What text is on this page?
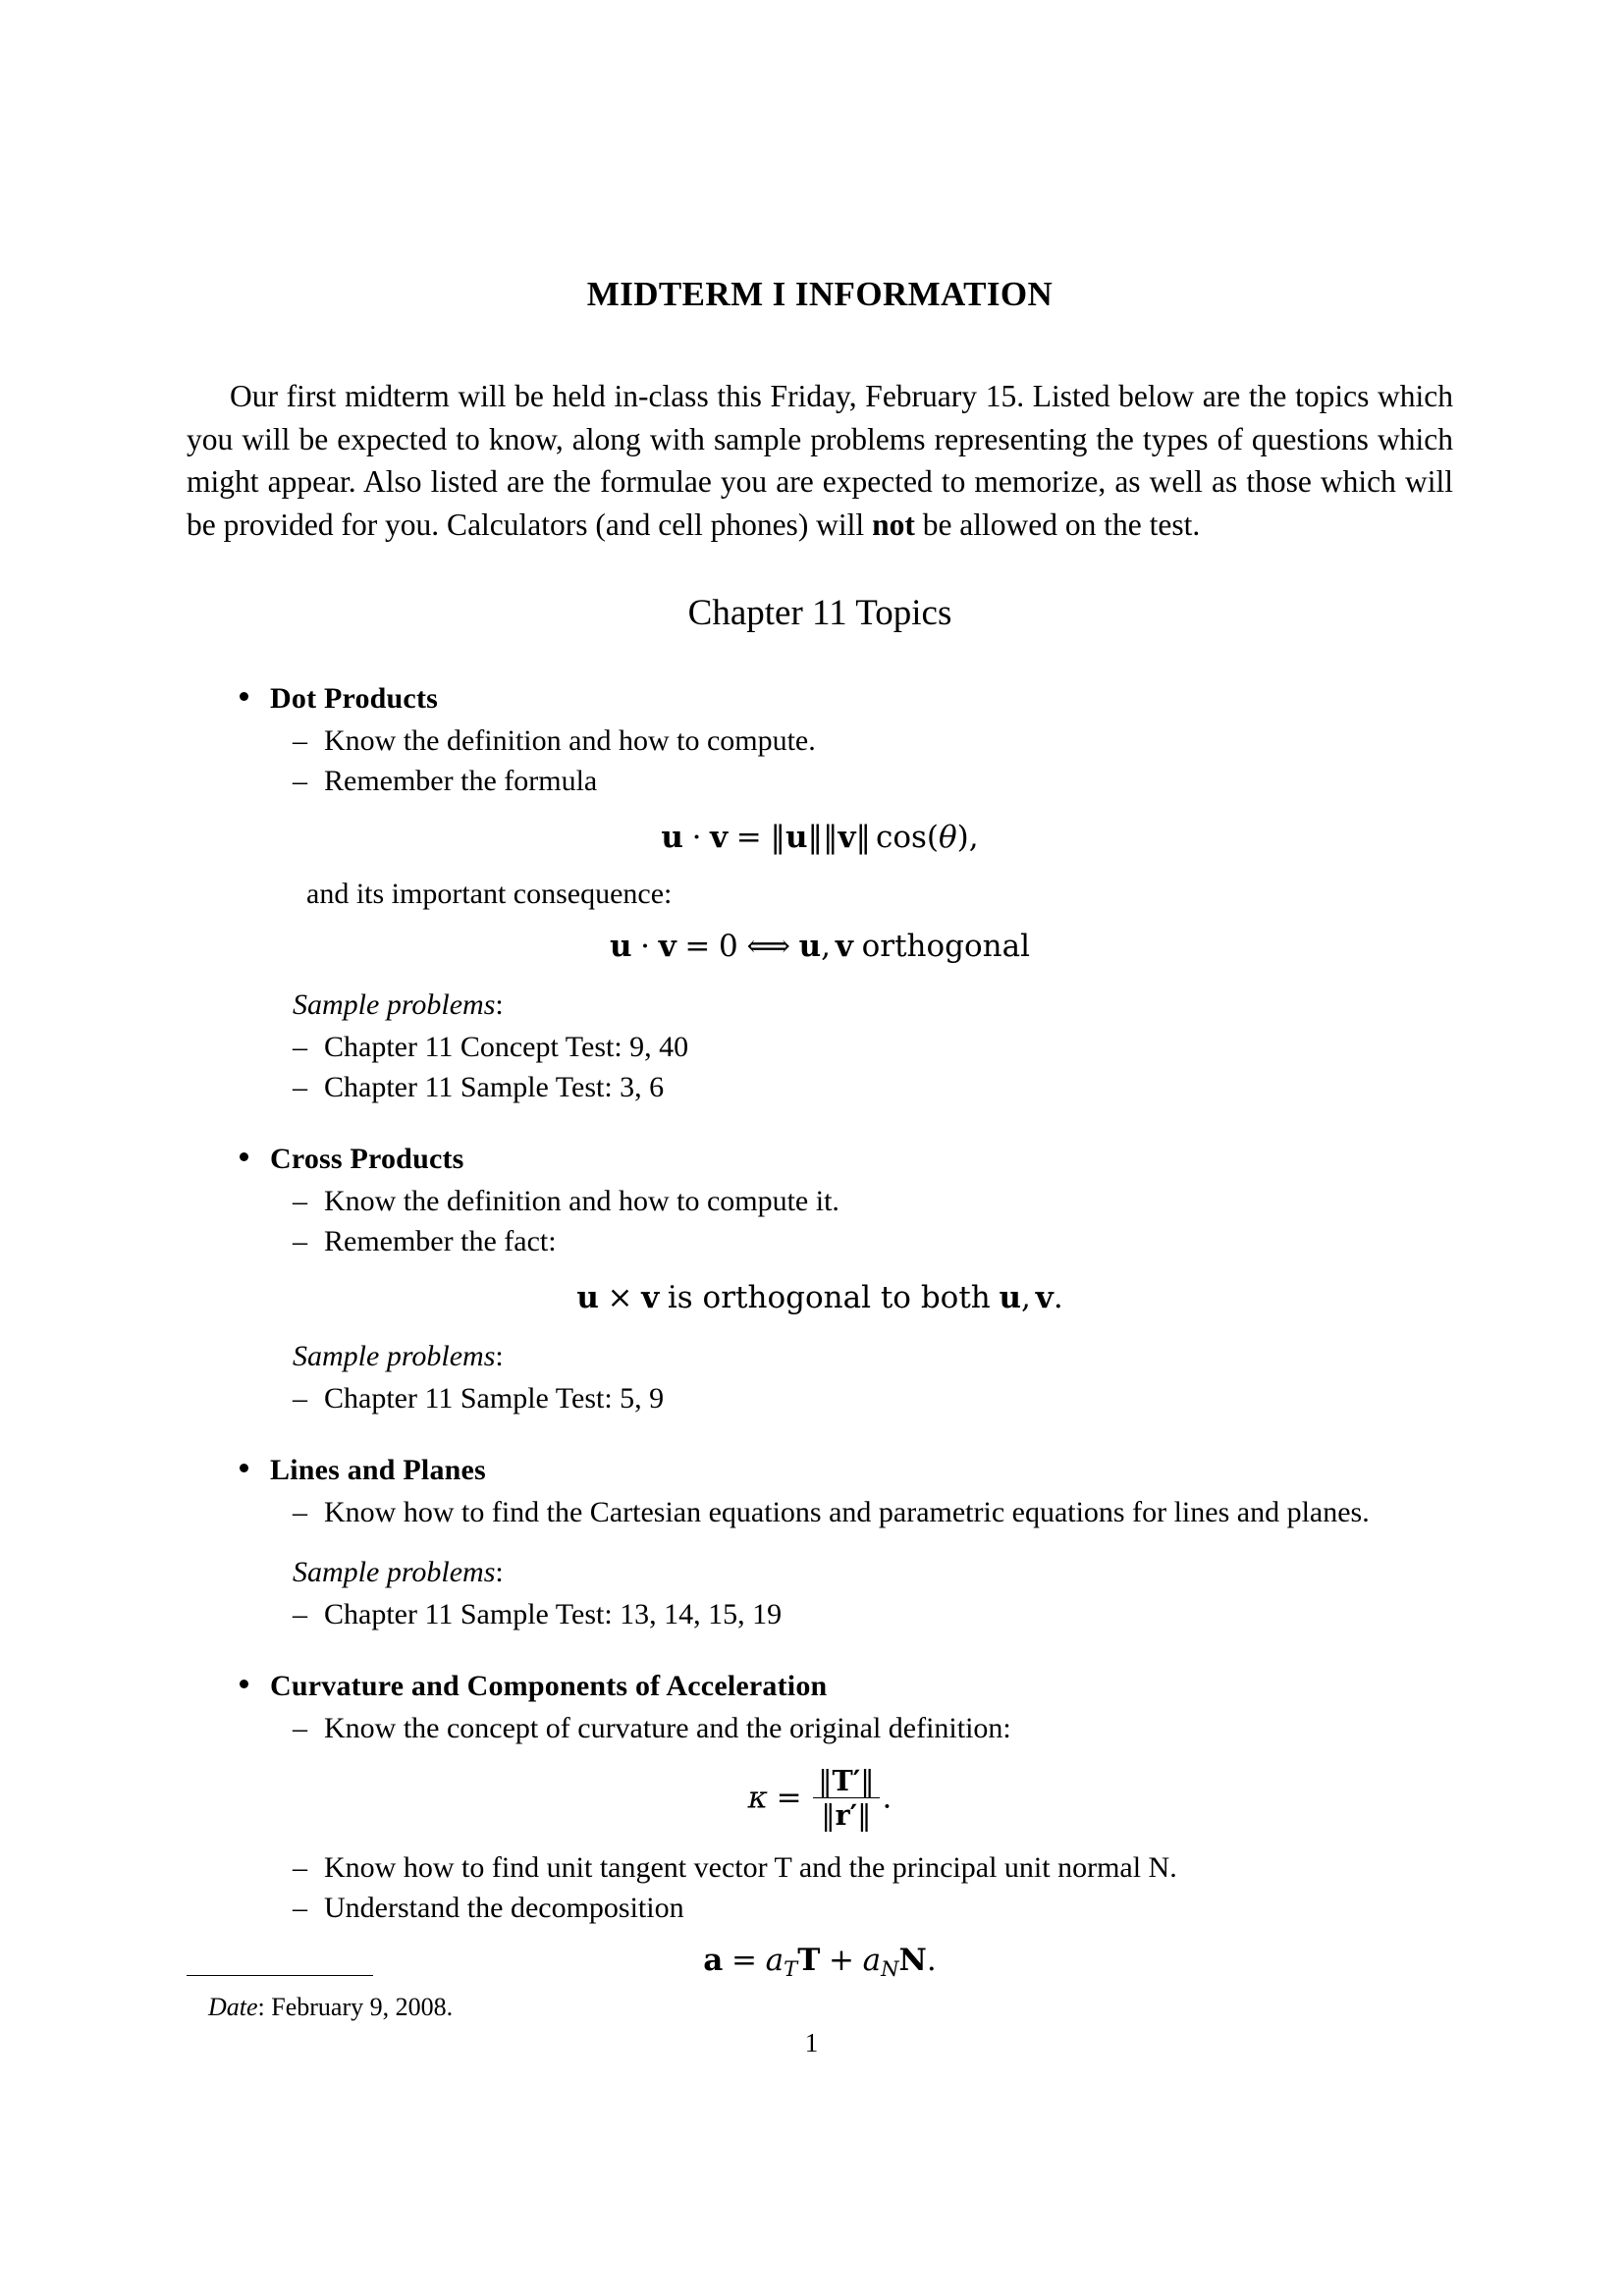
MIDTERM I INFORMATION

Our first midterm will be held in-class this Friday, February 15. Listed below are the topics which you will be expected to know, along with sample problems representing the types of questions which might appear. Also listed are the formulae you are expected to memorize, as well as those which will be provided for you. Calculators (and cell phones) will not be allowed on the test.

Chapter 11 Topics
Dot Products
– Know the definition and how to compute.
– Remember the formula
u · v = ‖u‖‖v‖ cos(θ),
and its important consequence:
u · v = 0 ⟺ u, v orthogonal
Sample problems:
– Chapter 11 Concept Test: 9, 40
– Chapter 11 Sample Test: 3, 6
Cross Products
– Know the definition and how to compute it.
– Remember the fact:
u × v is orthogonal to both u, v.
Sample problems:
– Chapter 11 Sample Test: 5, 9
Lines and Planes
– Know how to find the Cartesian equations and parametric equations for lines and planes.
Sample problems:
– Chapter 11 Sample Test: 13, 14, 15, 19
Curvature and Components of Acceleration
– Know the concept of curvature and the original definition:
$\kappa = \frac{‖T'‖}{‖r'‖}$ .
– Know how to find unit tangent vector T and the principal unit normal N.
– Understand the decomposition
$a = a_TT + a_NN$.
Date: February 9, 2008.
1
